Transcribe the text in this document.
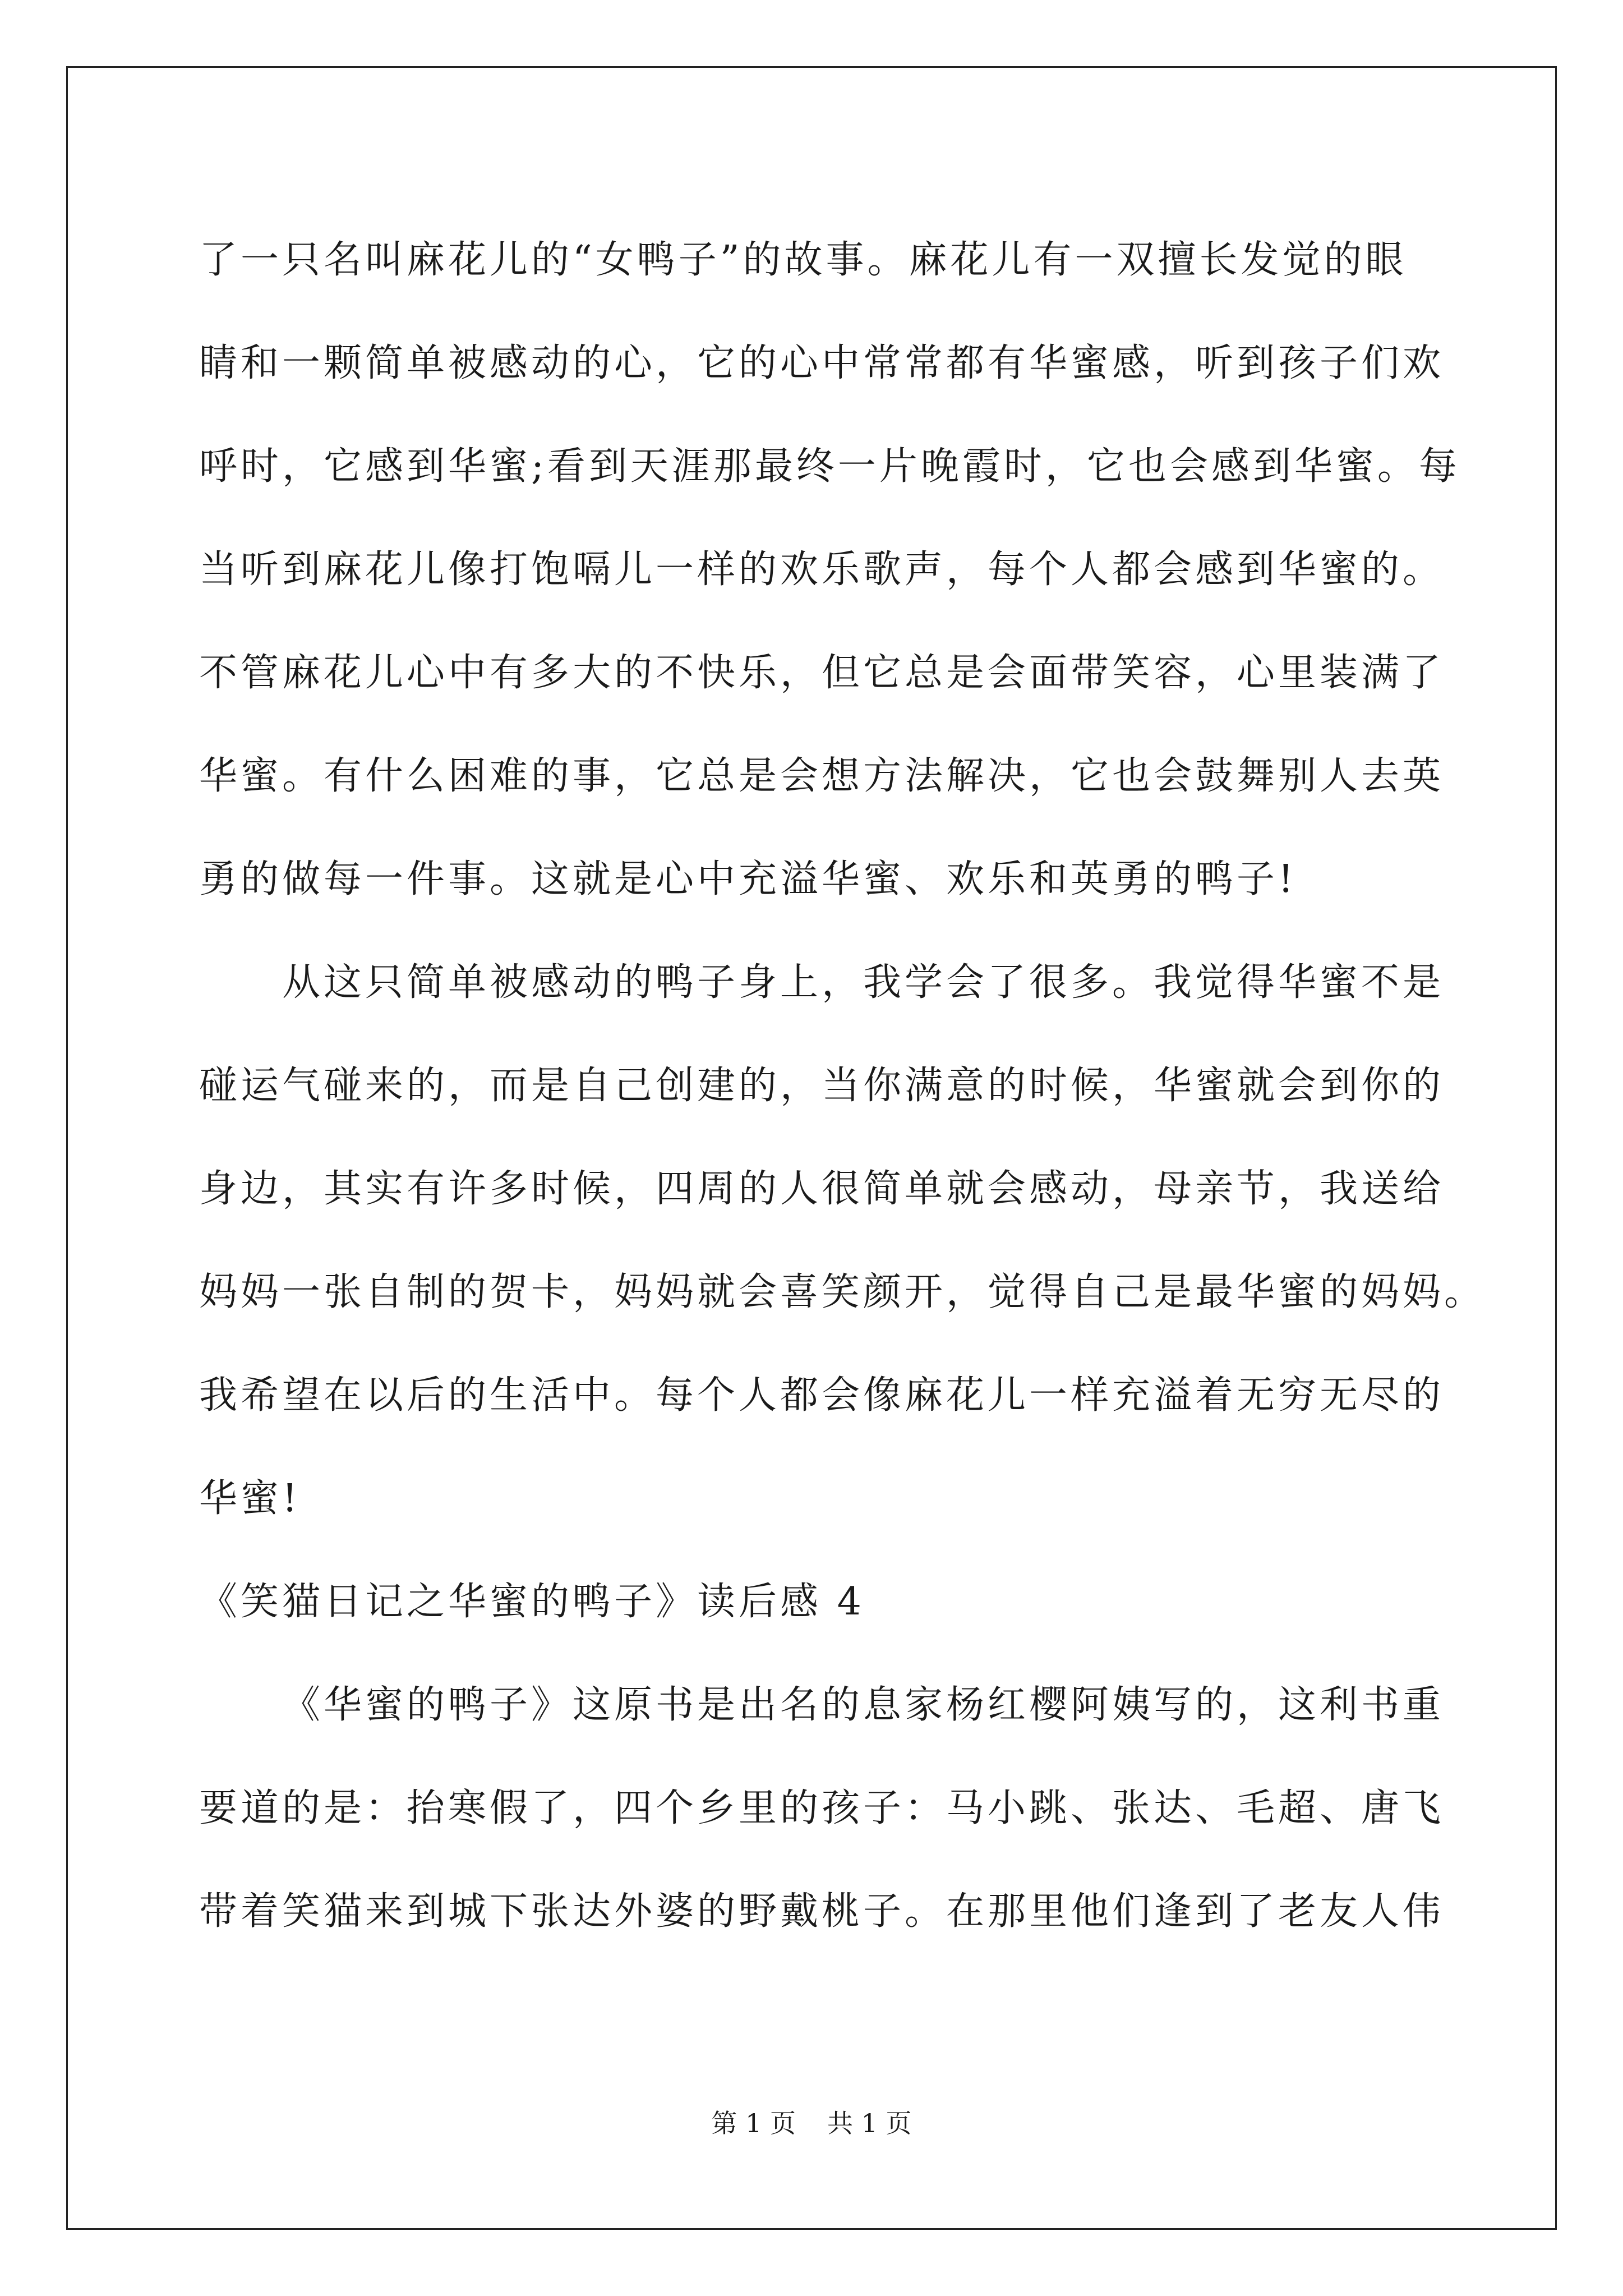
了一只名叫麻花儿的“女鸭子”的故事。麻花儿有一双擅长发觉的眼
睛和一颗简单被感动的心，它的心中常常都有华蜜感，听到孩子们欢
呼时，它感到华蜜;看到天涯那最终一片晚霞时，它也会感到华蜜。每
当听到麻花儿像打饱嗝儿一样的欢乐歌声，每个人都会感到华蜜的。
不管麻花儿心中有多大的不快乐，但它总是会面带笑容，心里装满了
华蜜。有什么困难的事，它总是会想方法解决，它也会鼓舞别人去英
勇的做每一件事。这就是心中充溢华蜜、欢乐和英勇的鸭子!
从这只简单被感动的鸭子身上，我学会了很多。我觉得华蜜不是
碰运气碰来的，而是自己创建的，当你满意的时候，华蜜就会到你的
身边，其实有许多时候，四周的人很简单就会感动，母亲节，我送给
妈妈一张自制的贺卡，妈妈就会喜笑颜开，觉得自己是最华蜜的妈妈。
我希望在以后的生活中。每个人都会像麻花儿一样充溢着无穷无尽的
华蜜!
《笑猫日记之华蜜的鸭子》读后感 4
《华蜜的鸭子》这原书是出名的息家杨红樱阿姨写的，这利书重
要道的是：抬寒假了，四个乡里的孩子：马小跳、张达、毛超、唐飞
带着笑猫来到城下张达外婆的野戴桃子。在那里他们逢到了老友人伟
第 1 页 共 1 页
